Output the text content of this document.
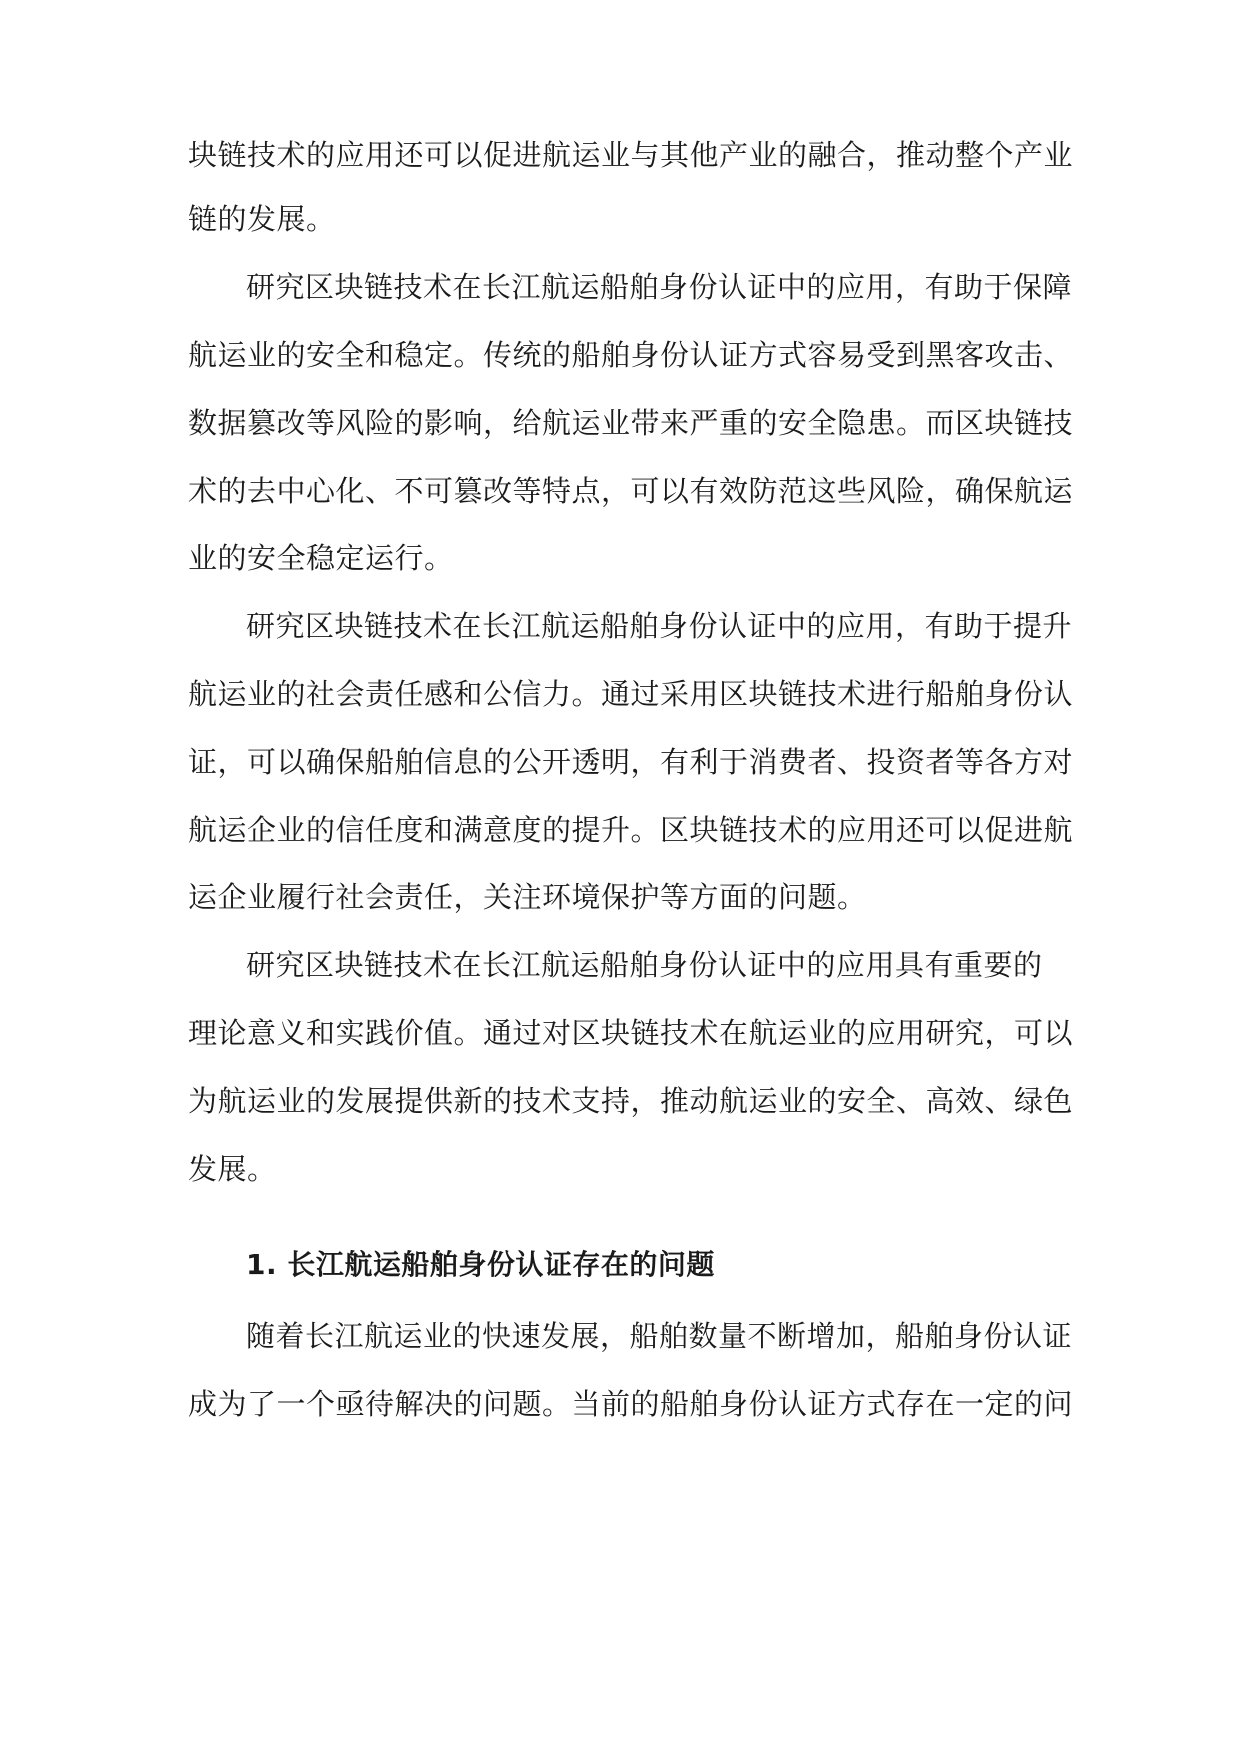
块链技术的应用还可以促进航运业与其他产业的融合，推动整个产业
链的发展。
研究区块链技术在长江航运船舶身份认证中的应用，有助于保障
航运业的安全和稳定。传统的船舶身份认证方式容易受到黑客攻击、
数据篡改等风险的影响，给航运业带来严重的安全隐患。而区块链技
术的去中心化、不可篡改等特点，可以有效防范这些风险，确保航运
业的安全稳定运行。
研究区块链技术在长江航运船舶身份认证中的应用，有助于提升
航运业的社会责任感和公信力。通过采用区块链技术进行船舶身份认
证，可以确保船舶信息的公开透明，有利于消费者、投资者等各方对
航运企业的信任度和满意度的提升。区块链技术的应用还可以促进航
运企业履行社会责任，关注环境保护等方面的问题。
研究区块链技术在长江航运船舶身份认证中的应用具有重要的
理论意义和实践价值。通过对区块链技术在航运业的应用研究，可以
为航运业的发展提供新的技术支持，推动航运业的安全、高效、绿色
发展。
1. 长江航运船舶身份认证存在的问题
随着长江航运业的快速发展，船舶数量不断增加，船舶身份认证
成为了一个亟待解决的问题。当前的船舶身份认证方式存在一定的问
